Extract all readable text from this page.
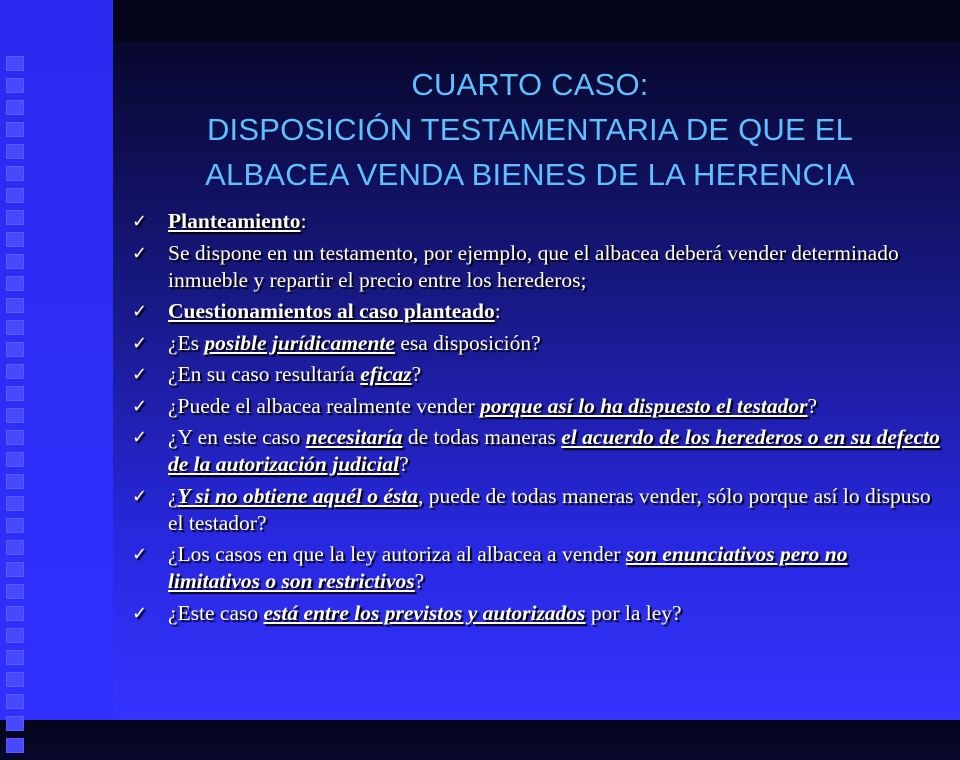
CUARTO CASO:
DISPOSICIÓN TESTAMENTARIA DE QUE EL
ALBACEA VENDA BIENES DE LA HERENCIA
✓ Planteamiento:
✓ Se dispone en un testamento, por ejemplo, que el albacea deberá vender determinado inmueble y repartir el precio entre los herederos;
✓ Cuestionamientos al caso planteado:
✓ ¿Es posible jurídicamente esa disposición?
✓ ¿En su caso resultaría eficaz?
✓ ¿Puede el albacea realmente vender porque así lo ha dispuesto el testador?
✓ ¿Y en este caso necesitaría de todas maneras el acuerdo de los herederos o en su defecto de la autorización judicial?
✓ ¿Y si no obtiene aquél o ésta, puede de todas maneras vender, sólo porque así lo dispuso el testador?
✓ ¿Los casos en que la ley autoriza al albacea a vender son enunciativos pero no limitativos o son restrictivos?
✓ ¿Este caso está entre los previstos y autorizados por la ley?
